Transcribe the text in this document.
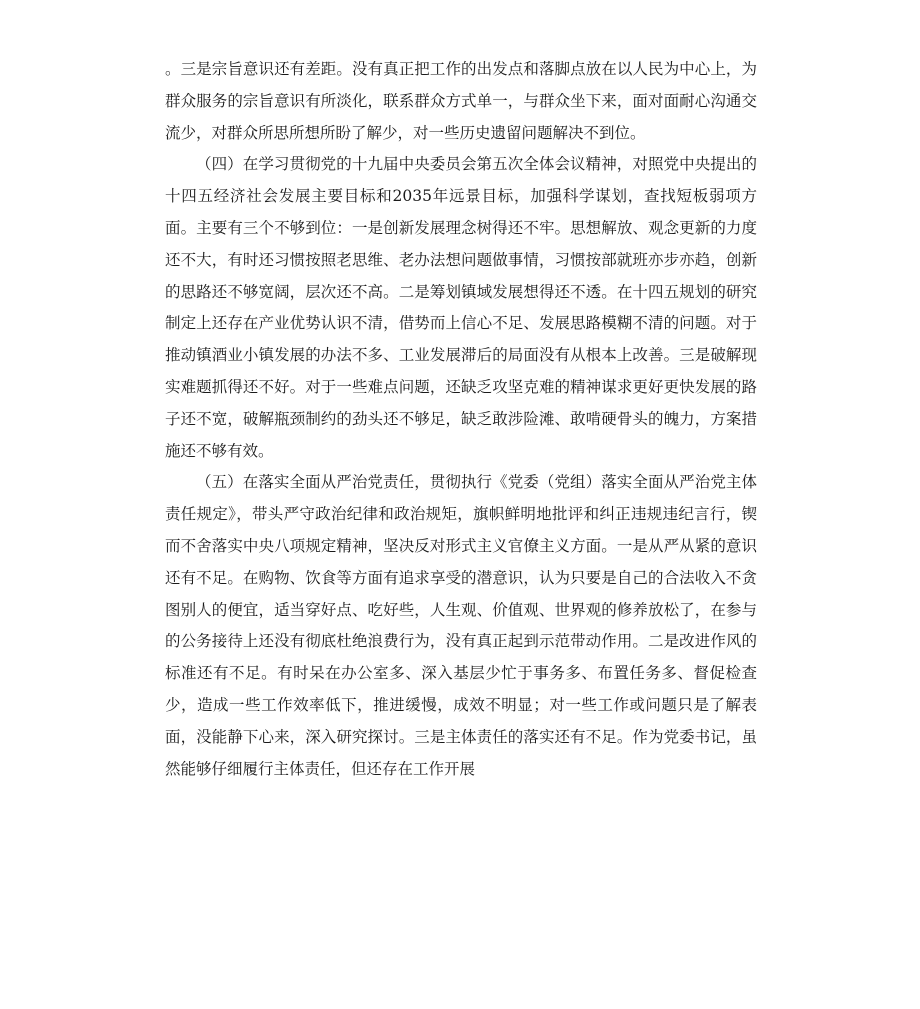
。三是宗旨意识还有差距。没有真正把工作的出发点和落脚点放在以人民为中心上，为群众服务的宗旨意识有所淡化，联系群众方式单一，与群众坐下来，面对面耐心沟通交流少，对群众所思所想所盼了解少，对一些历史遗留问题解决不到位。

（四）在学习贯彻党的十九届中央委员会第五次全体会议精神，对照党中央提出的十四五经济社会发展主要目标和2035年远景目标，加强科学谋划，查找短板弱项方面。主要有三个不够到位：一是创新发展理念树得还不牢。思想解放、观念更新的力度还不大，有时还习惯按照老思维、老办法想问题做事情，习惯按部就班亦步亦趋，创新的思路还不够宽阔，层次还不高。二是筹划镇域发展想得还不透。在十四五规划的研究制定上还存在产业优势认识不清，借势而上信心不足、发展思路模糊不清的问题。对于推动镇酒业小镇发展的办法不多、工业发展滞后的局面没有从根本上改善。三是破解现实难题抓得还不好。对于一些难点问题，还缺乏攻坚克难的精神谋求更好更快发展的路子还不宽，破解瓶颈制约的劲头还不够足，缺乏敢涉险滩、敢啃硬骨头的魄力，方案措施还不够有效。

（五）在落实全面从严治党责任，贯彻执行《党委（党组）落实全面从严治党主体责任规定》，带头严守政治纪律和政治规矩，旗帜鲜明地批评和纠正违规违纪言行，锲而不舍落实中央八项规定精神，坚决反对形式主义官僚主义方面。一是从严从紧的意识还有不足。在购物、饮食等方面有追求享受的潜意识，认为只要是自己的合法收入不贪图别人的便宜，适当穿好点、吃好些，人生观、价值观、世界观的修养放松了，在参与的公务接待上还没有彻底杜绝浪费行为，没有真正起到示范带动作用。二是改进作风的标准还有不足。有时呆在办公室多、深入基层少忙于事务多、布置任务多、督促检查少，造成一些工作效率低下，推进缓慢，成效不明显；对一些工作或问题只是了解表面，没能静下心来，深入研究探讨。三是主体责任的落实还有不足。作为党委书记，虽然能够仔细履行主体责任，但还存在工作开展
